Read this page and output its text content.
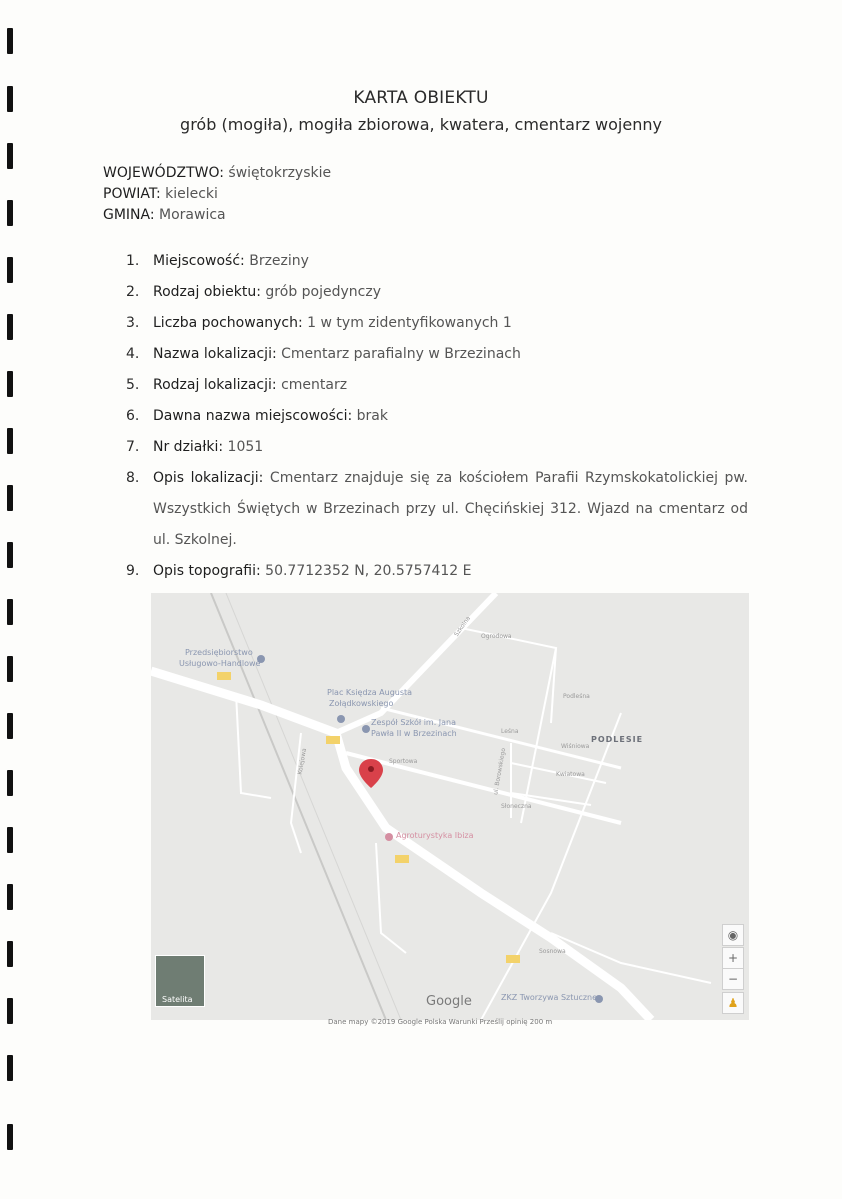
KARTA OBIEKTU
grób (mogiła), mogiła zbiorowa, kwatera, cmentarz wojenny
WOJEWÓDZTWO: świętokrzyskie
POWIAT: kielecki
GMINA: Morawica
1. Miejscowość: Brzeziny
2. Rodzaj obiektu: grób pojedynczy
3. Liczba pochowanych: 1 w tym zidentyfikowanych 1
4. Nazwa lokalizacji: Cmentarz parafialny w Brzezinach
5. Rodzaj lokalizacji: cmentarz
6. Dawna nazwa miejscowości: brak
7. Nr działki: 1051
8. Opis lokalizacji: Cmentarz znajduje się za kościołem Parafii Rzymskokatolickiej pw. Wszystkich Świętych w Brzezinach przy ul. Chęcińskiej 312. Wjazd na cmentarz od ul. Szkolnej.
9. Opis topografii: 50.7712352 N, 20.5757412 E
Przedsiębiorstwo
Usługowo-Handlowe
Plac Księdza Augusta
Zołądkowskiego
Zespół Szkół im. Jana
Pawła II w Brzezinach
Agroturystyka Ibiza
ZKZ Tworzywa Sztuczne
PODLESIE
Szkolna Ogrodowa
Podleśna
Leśna
Wiśniowa
Kwiatowa
Sportowa
Słoneczna
Kolejowa
Sosnowa
ul. Borowskiego
Satelita	Google
◉
+
−
♟
Dane mapy ©2019 Google Polska Warunki Prześlij opinię 200 m
